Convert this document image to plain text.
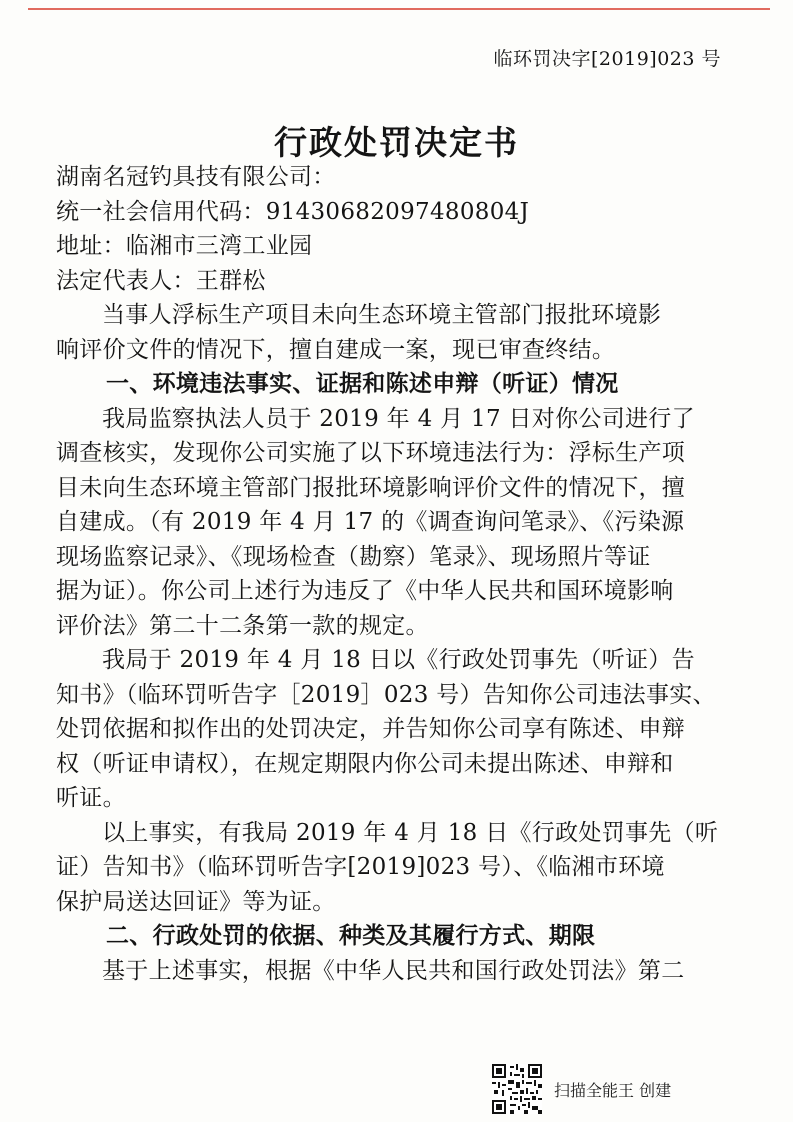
临环罚决字[2019]023 号
行政处罚决定书
湖南名冠钓具技有限公司：
统一社会信用代码：91430682097480804J
地址：临湘市三湾工业园
法定代表人：王群松
当事人浮标生产项目未向生态环境主管部门报批环境影
响评价文件的情况下，擅自建成一案，现已审查终结。
一、环境违法事实、证据和陈述申辩（听证）情况
我局监察执法人员于 2019 年 4 月 17 日对你公司进行了
调查核实，发现你公司实施了以下环境违法行为：浮标生产项
目未向生态环境主管部门报批环境影响评价文件的情况下，擅
自建成。（有 2019 年 4 月 17 的《调查询问笔录》、《污染源
现场监察记录》、《现场检查（勘察）笔录》、现场照片等证
据为证）。你公司上述行为违反了《中华人民共和国环境影响
评价法》第二十二条第一款的规定。
我局于 2019 年 4 月 18 日以《行政处罚事先（听证）告
知书》（临环罚听告字［2019］023 号）告知你公司违法事实、
处罚依据和拟作出的处罚决定，并告知你公司享有陈述、申辩
权（听证申请权），在规定期限内你公司未提出陈述、申辩和
听证。
以上事实，有我局 2019 年 4 月 18 日《行政处罚事先（听
证）告知书》（临环罚听告字[2019]023 号）、《临湘市环境
保护局送达回证》等为证。
二、行政处罚的依据、种类及其履行方式、期限
基于上述事实，根据《中华人民共和国行政处罚法》第二
扫描全能王 创建
